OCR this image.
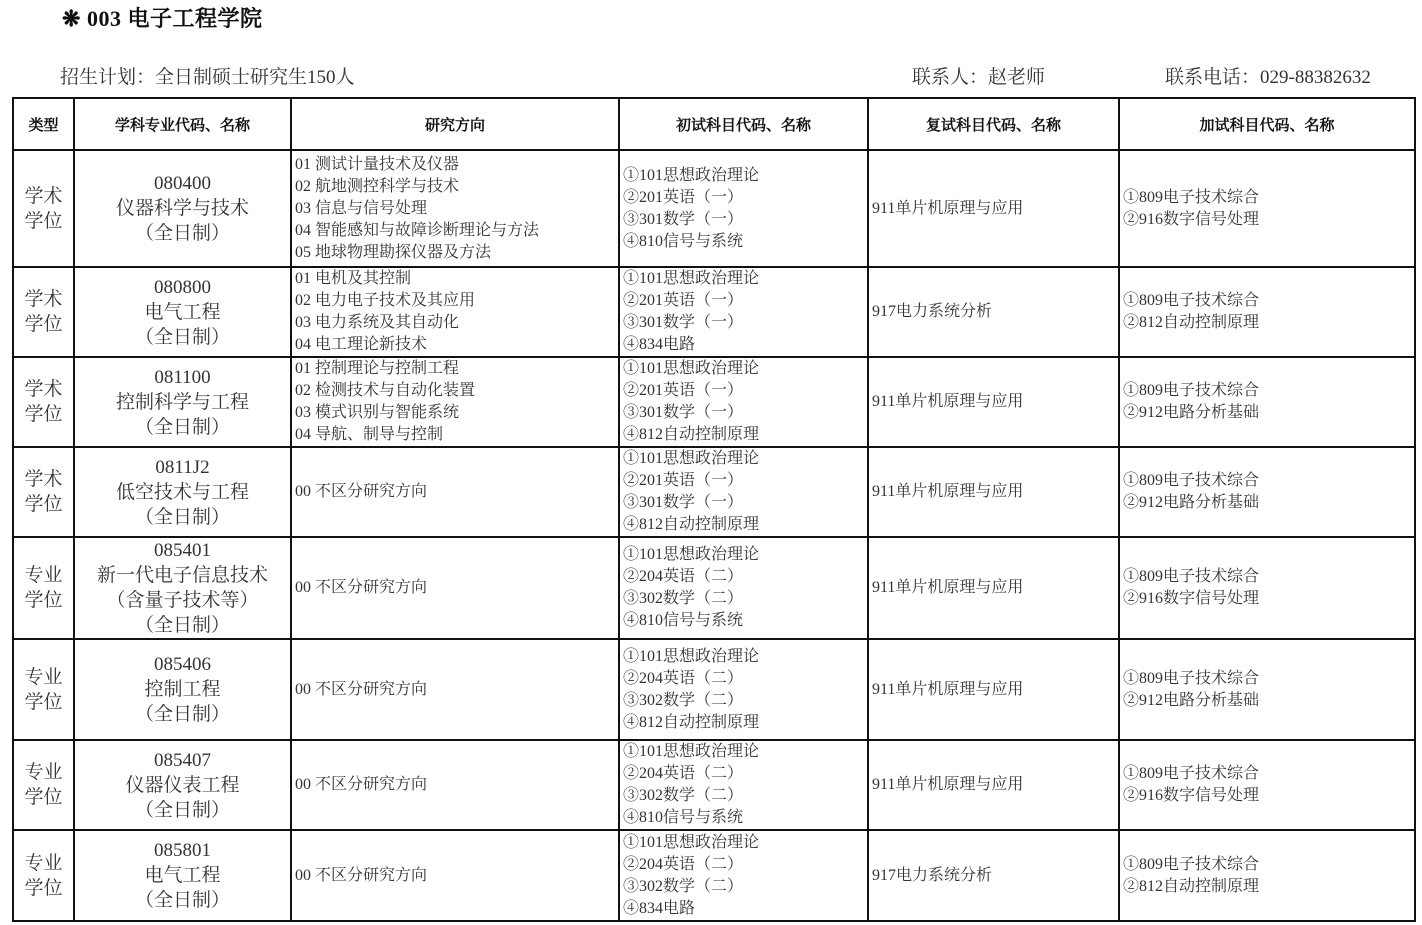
❋ 003 电子工程学院
招生计划：全日制硕士研究生150人	联系人：赵老师	联系电话：029-88382632
类型	学科专业代码、名称	研究方向	初试科目代码、名称	复试科目代码、名称	加试科目代码、名称

学术
学位	080400
仪器科学与技术
（全日制）	01 测试计量技术及仪器
02 航地测控科学与技术
03 信息与信号处理
04 智能感知与故障诊断理论与方法
05 地球物理勘探仪器及方法	①101思想政治理论
②201英语（一）
③301数学（一）
④810信号与系统	911单片机原理与应用	①809电子技术综合
②916数字信号处理

学术
学位	080800
电气工程
（全日制）	01 电机及其控制
02 电力电子技术及其应用
03 电力系统及其自动化
04 电工理论新技术	①101思想政治理论
②201英语（一）
③301数学（一）
④834电路	917电力系统分析	①809电子技术综合
②812自动控制原理

学术
学位	081100
控制科学与工程
（全日制）	01 控制理论与控制工程
02 检测技术与自动化装置
03 模式识别与智能系统
04 导航、制导与控制	①101思想政治理论
②201英语（一）
③301数学（一）
④812自动控制原理	911单片机原理与应用	①809电子技术综合
②912电路分析基础

学术
学位	0811J2
低空技术与工程
（全日制）	00 不区分研究方向	①101思想政治理论
②201英语（一）
③301数学（一）
④812自动控制原理	911单片机原理与应用	①809电子技术综合
②912电路分析基础

专业
学位	085401
新一代电子信息技术
（含量子技术等）
（全日制）	00 不区分研究方向	①101思想政治理论
②204英语（二）
③302数学（二）
④810信号与系统	911单片机原理与应用	①809电子技术综合
②916数字信号处理

专业
学位	085406
控制工程
（全日制）	00 不区分研究方向	①101思想政治理论
②204英语（二）
③302数学（二）
④812自动控制原理	911单片机原理与应用	①809电子技术综合
②912电路分析基础

专业
学位	085407
仪器仪表工程
（全日制）	00 不区分研究方向	①101思想政治理论
②204英语（二）
③302数学（二）
④810信号与系统	911单片机原理与应用	①809电子技术综合
②916数字信号处理

专业
学位	085801
电气工程
（全日制）	00 不区分研究方向	①101思想政治理论
②204英语（二）
③302数学（二）
④834电路	917电力系统分析	①809电子技术综合
②812自动控制原理
